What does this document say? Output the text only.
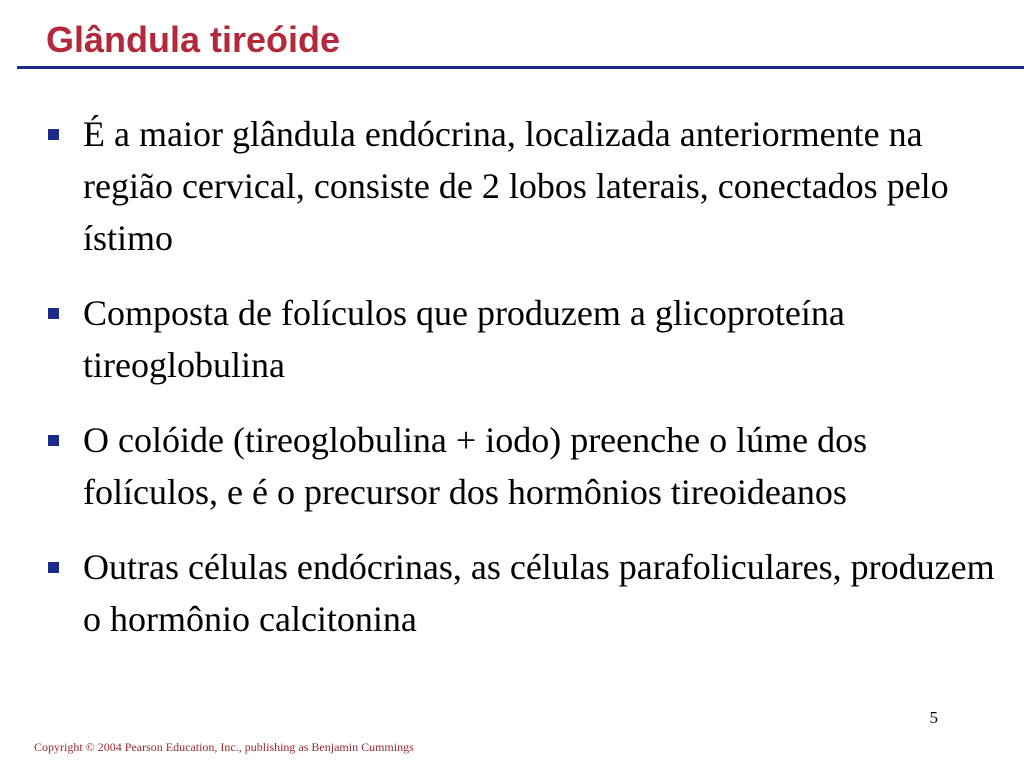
Glândula tireóide
É a maior glândula endócrina, localizada anteriormente na região cervical, consiste de 2 lobos laterais, conectados pelo ístimo
Composta de folículos que produzem a glicoproteína tireoglobulina
O colóide (tireoglobulina + iodo) preenche o lúme dos folículos, e é o precursor dos hormônios tireoideanos
Outras células endócrinas, as células parafoliculares, produzem o hormônio calcitonina
5
Copyright © 2004 Pearson Education, Inc., publishing as Benjamin Cummings
